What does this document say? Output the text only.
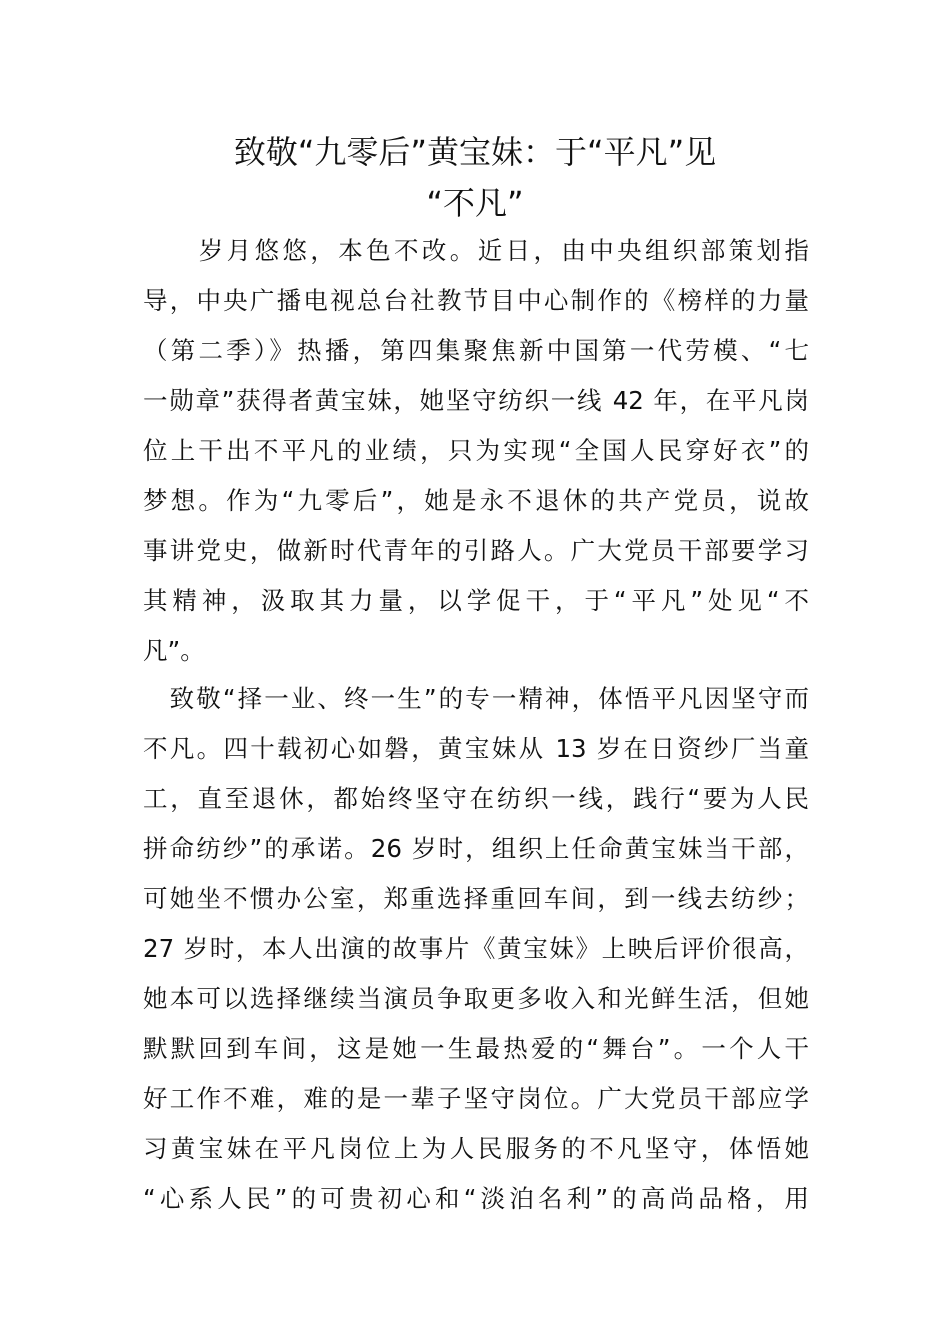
致敬“九零后”黄宝妹：于“平凡”见
“不凡”
　　岁月悠悠，本色不改。近日，由中央组织部策划指
导，中央广播电视总台社教节目中心制作的《榜样的力量
（第二季）》热播，第四集聚焦新中国第一代劳模、“七
一勋章”获得者黄宝妹，她坚守纺织一线 42 年，在平凡岗
位上干出不平凡的业绩，只为实现“全国人民穿好衣”的
梦想。作为“九零后”，她是永不退休的共产党员，说故
事讲党史，做新时代青年的引路人。广大党员干部要学习
其精神，汲取其力量，以学促干，于“平凡”处见“不
凡”。
　致敬“择一业、终一生”的专一精神，体悟平凡因坚守而
不凡。四十载初心如磐，黄宝妹从 13 岁在日资纱厂当童
工，直至退休，都始终坚守在纺织一线，践行“要为人民
拼命纺纱”的承诺。26 岁时，组织上任命黄宝妹当干部，
可她坐不惯办公室，郑重选择重回车间，到一线去纺纱；
27 岁时，本人出演的故事片《黄宝妹》上映后评价很高，
她本可以选择继续当演员争取更多收入和光鲜生活，但她
默默回到车间，这是她一生最热爱的“舞台”。一个人干
好工作不难，难的是一辈子坚守岗位。广大党员干部应学
习黄宝妹在平凡岗位上为人民服务的不凡坚守，体悟她
“心系人民”的可贵初心和“淡泊名利”的高尚品格，用
